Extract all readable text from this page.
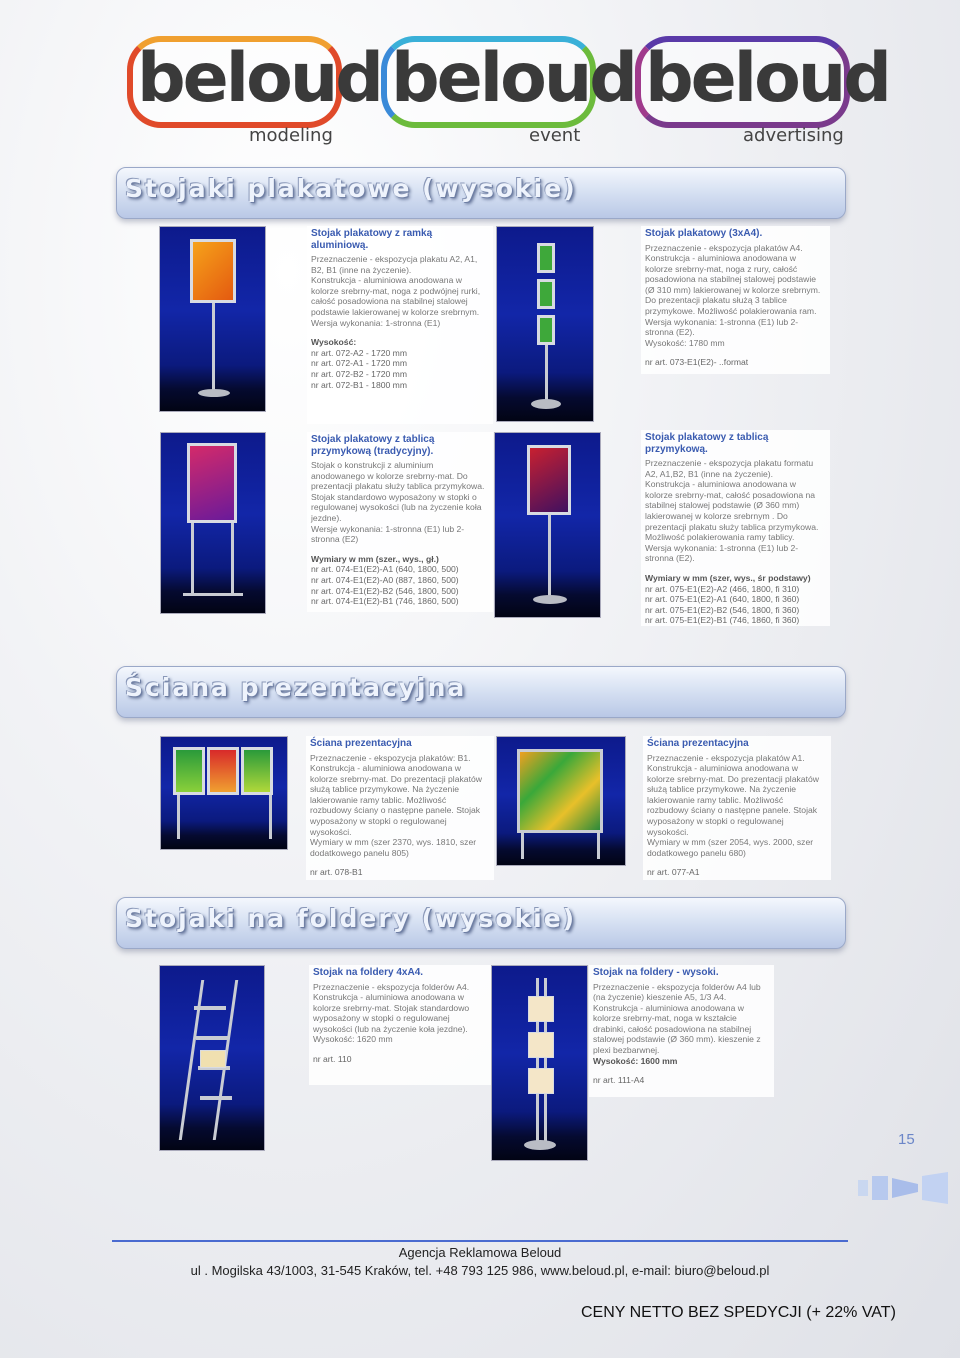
beloud
modeling
beloud
event
beloud
advertising
Stojaki plakatowe (wysokie)
Stojak plakatowy z ramką aluminiową.
Przeznaczenie - ekspozycja plakatu A2, A1, B2, B1 (inne na życzenie).
Konstrukcja - aluminiowa anodowana w kolorze srebrny-mat, noga z podwójnej rurki, całość posadowiona na stabilnej stalowej podstawie lakierowanej w kolorze srebrnym.
Wersja wykonania: 1-stronna (E1)
Wysokość:
nr art. 072-A2 - 1720 mm
nr art. 072-A1 - 1720 mm
nr art. 072-B2 - 1720 mm
nr art. 072-B1 - 1800 mm
Stojak plakatowy (3xA4).
Przeznaczenie - ekspozycja plakatów A4.
Konstrukcja - aluminiowa anodowana w kolorze srebrny-mat, noga z rury, całość posadowiona na stabilnej stalowej podstawie (Ø 310 mm) lakierowanej w kolorze srebrnym.
Do prezentacji plakatu służą 3 tablice przymykowe. Możliwość polakierowania ram.
Wersja wykonania: 1-stronna (E1) lub 2-stronna (E2).
Wysokość: 1780 mm
nr art. 073-E1(E2)- ..format
Stojak plakatowy z tablicą przymykową (tradycyjny).
Stojak o konstrukcji z aluminium anodowanego w kolorze srebrny-mat. Do prezentacji plakatu służy tablica przymykowa. Stojak standardowo wyposażony w stopki o regulowanej wysokości (lub na życzenie koła jezdne).
Wersje wykonania: 1-stronna (E1) lub 2-stronna (E2)
Wymiary w mm (szer., wys., gł.)
nr art. 074-E1(E2)-A1 (640, 1800, 500)
nr art. 074-E1(E2)-A0 (887, 1860, 500)
nr art. 074-E1(E2)-B2 (546, 1800, 500)
nr art. 074-E1(E2)-B1 (746, 1860, 500)
Stojak plakatowy z tablicą przymykową.
Przeznaczenie - ekspozycja plakatu formatu A2, A1,B2, B1 (inne na życzenie).
Konstrukcja - aluminiowa anodowana w kolorze srebrny-mat, całość posadowiona na stabilnej stalowej podstawie (Ø 360 mm) lakierowanej w kolorze srebrnym . Do prezentacji plakatu służy tablica przymykowa. Możliwość polakierowania ramy tablicy.
Wersja wykonania: 1-stronna (E1) lub 2-stronna (E2).
Wymiary w mm (szer, wys., śr podstawy)
nr art. 075-E1(E2)-A2 (466, 1800, fi 310)
nr art. 075-E1(E2)-A1 (640, 1800, fi 360)
nr art. 075-E1(E2)-B2 (546, 1800, fi 360)
nr art. 075-E1(E2)-B1 (746, 1860, fi 360)
Ściana prezentacyjna
Ściana prezentacyjna
Przeznaczenie - ekspozycja plakatów: B1.
Konstrukcja - aluminiowa anodowana w kolorze srebrny-mat. Do prezentacji plakatów służą tablice przymykowe. Na życzenie lakierowanie ramy tablic. Możliwość rozbudowy ściany o następne panele. Stojak wyposażony w stopki o regulowanej wysokości.
Wymiary w mm (szer 2370, wys. 1810, szer dodatkowego panelu 805)
nr art. 078-B1
Ściana prezentacyjna
Przeznaczenie - ekspozycja plakatów A1.
Konstrukcja - aluminiowa anodowana w kolorze srebrny-mat. Do prezentacji plakatów służą tablice przymykowe. Na życzenie lakierowanie ramy tablic. Możliwość rozbudowy ściany o następne panele. Stojak wyposażony w stopki o regulowanej wysokości.
Wymiary w mm (szer 2054, wys. 2000, szer dodatkowego panelu 680)
nr art. 077-A1
Stojaki na foldery (wysokie)
Stojak na foldery 4xA4.
Przeznaczenie - ekspozycja folderów A4.
Konstrukcja - aluminiowa anodowana w kolorze srebrny-mat. Stojak standardowo wyposażony w stopki o regulowanej wysokości (lub na życzenie koła jezdne).
Wysokość: 1620 mm
nr art. 110
Stojak na foldery - wysoki.
Przeznaczenie - ekspozycja folderów A4 lub (na życzenie) kieszenie A5, 1/3 A4.
Konstrukcja - aluminiowa anodowana w kolorze srebrny-mat, noga w kształcie drabinki, całość posadowiona na stabilnej stalowej podstawie (Ø 360 mm). kieszenie z plexi bezbarwnej.
Wysokość: 1600 mm
nr art. 111-A4
15
Agencja Reklamowa Beloud
ul . Mogilska 43/1003, 31-545 Kraków, tel. +48 793 125 986, www.beloud.pl, e-mail: biuro@beloud.pl
CENY NETTO BEZ SPEDYCJI (+ 22% VAT)
